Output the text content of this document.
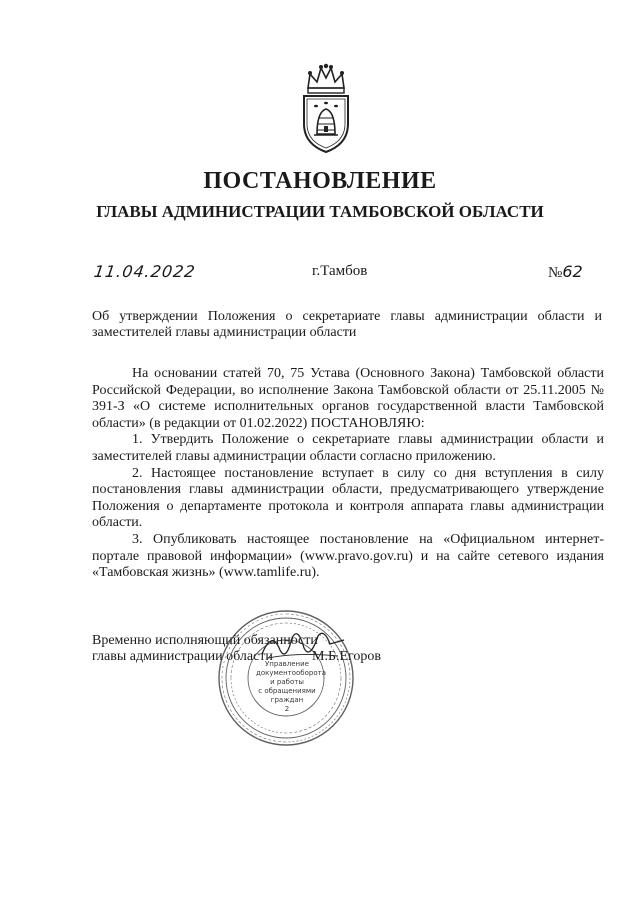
ПОСТАНОВЛЕНИЕ
ГЛАВЫ АДМИНИСТРАЦИИ ТАМБОВСКОЙ ОБЛАСТИ
11.04.2022	г.Тамбов	№62
Об утверждении Положения о секретариате главы администрации области и заместителей главы администрации области

На основании статей 70, 75 Устава (Основного Закона) Тамбовской области Российской Федерации, во исполнение Закона Тамбовской области от 25.11.2005 № 391-З «О системе исполнительных органов государственной власти Тамбовской области» (в редакции от 01.02.2022) ПОСТАНОВЛЯЮ:

1. Утвердить Положение о секретариате главы администрации области и заместителей главы администрации области согласно приложению.

2. Настоящее постановление вступает в силу со дня вступления в силу постановления главы администрации области, предусматривающего утверждение Положения о департаменте протокола и контроля аппарата главы администрации области.

3. Опубликовать настоящее постановление на «Официальном интернет-портале правовой информации» (www.pravo.gov.ru) и на сайте сетевого издания «Тамбовская жизнь» (www.tamlife.ru).

Временно исполняющий обязанности
главы администрации области	М.Б.Егоров
Управление
документооборота
и работы
с обращениями
граждан
2
